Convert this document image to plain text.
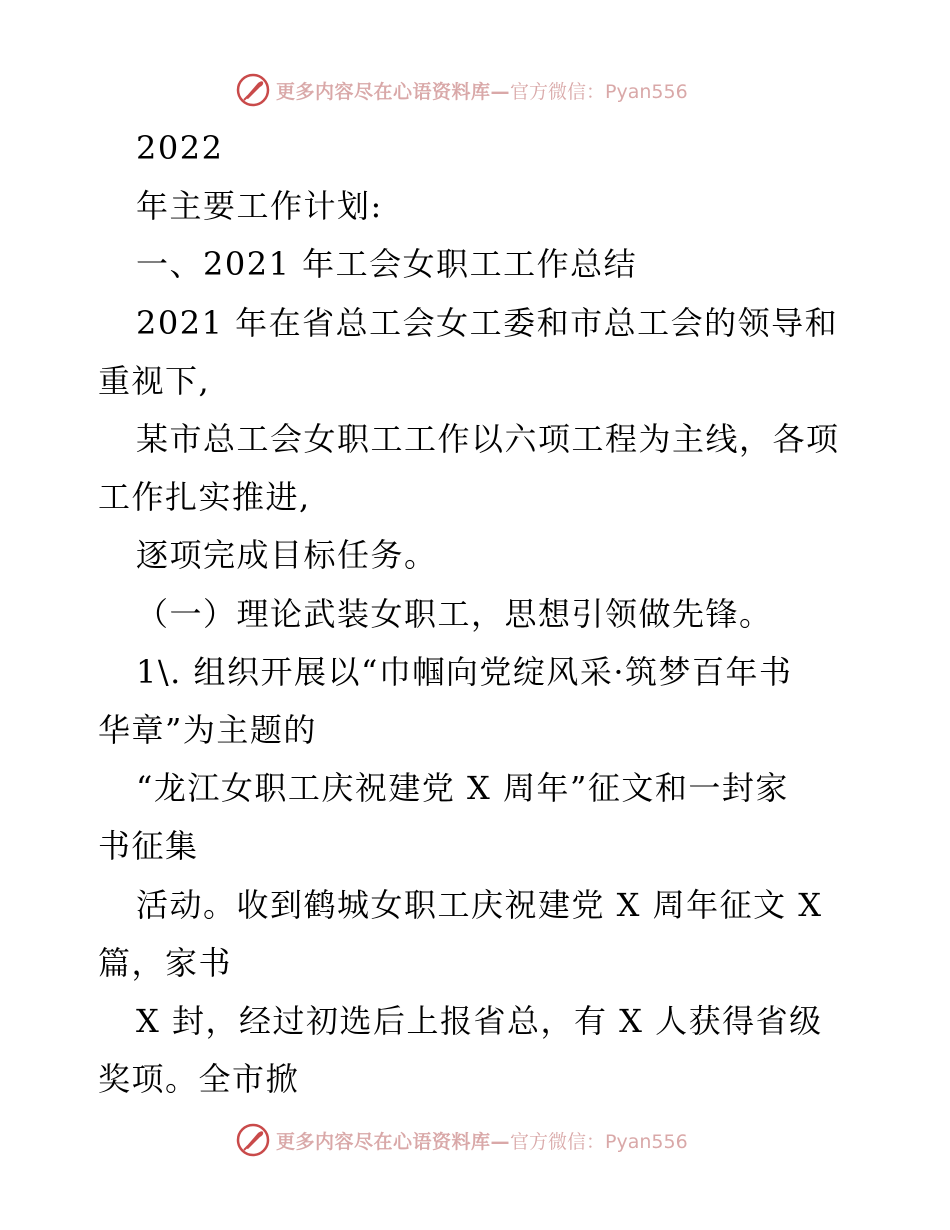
更多内容尽在心语资料库— 官方微信：Pyan556
2022
年主要工作计划:
一、2021 年工会女职工工作总结
2021 年在省总工会女工委和市总工会的领导和
重视下,
某市总工会女职工工作以六项工程为主线，各项
工作扎实推进,
逐项完成目标任务。
（一）理论武装女职工，思想引领做先锋。
1\. 组织开展以“巾帼向党绽风采·筑梦百年书
华章”为主题的
“龙江女职工庆祝建党 X 周年”征文和一封家
书征集
活动。收到鹤城女职工庆祝建党 X 周年征文 X
篇，家书
X 封，经过初选后上报省总，有 X 人获得省级
奖项。全市掀
更多内容尽在心语资料库— 官方微信：Pyan556
